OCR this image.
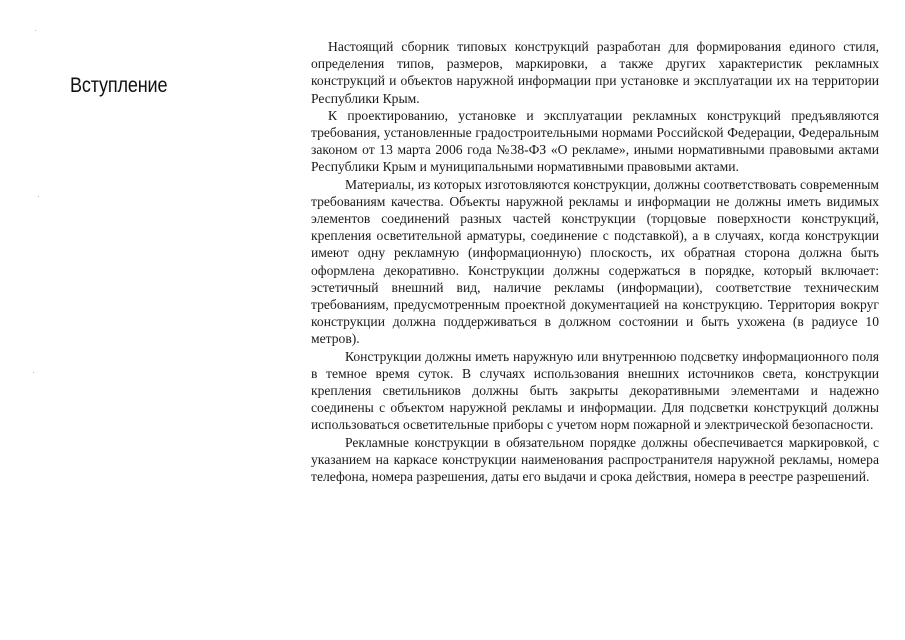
Вступление

Настоящий сборник типовых конструкций разработан для формирования единого стиля, определения типов, размеров, маркировки, а также других характеристик рекламных конструкций и объектов наружной информации при установке и эксплуатации их на территории Республики Крым.

К проектированию, установке и эксплуатации рекламных конструкций предъявляются требования, установленные градостроительными нормами Российской Федерации, Федеральным законом от 13 марта 2006 года №38-ФЗ «О рекламе», иными нормативными правовыми актами Республики Крым и муниципальными нормативными правовыми актами.

Материалы, из которых изготовляются конструкции, должны соответствовать современным требованиям качества. Объекты наружной рекламы и информации не должны иметь видимых элементов соединений разных частей конструкции (торцовые поверхности конструкций, крепления осветительной арматуры, соединение с подставкой), а в случаях, когда конструкции имеют одну рекламную (информационную) плоскость, их обратная сторона должна быть оформлена декоративно. Конструкции должны содержаться в порядке, который включает: эстетичный внешний вид, наличие рекламы (информации), соответствие техническим требованиям, предусмотренным проектной документацией на конструкцию. Территория вокруг конструкции должна поддерживаться в должном состоянии и быть ухожена (в радиусе 10 метров).

Конструкции должны иметь наружную или внутреннюю подсветку информационного поля в темное время суток. В случаях использования внешних источников света, конструкции крепления светильников должны быть закрыты декоративными элементами и надежно соединены с объектом наружной рекламы и информации. Для подсветки конструкций должны использоваться осветительные приборы с учетом норм пожарной и электрической безопасности.

Рекламные конструкции в обязательном порядке должны обеспечивается маркировкой, с указанием на каркасе конструкции наименования распространителя наружной рекламы, номера телефона, номера разрешения, даты его выдачи и срока действия, номера в реестре разрешений.
